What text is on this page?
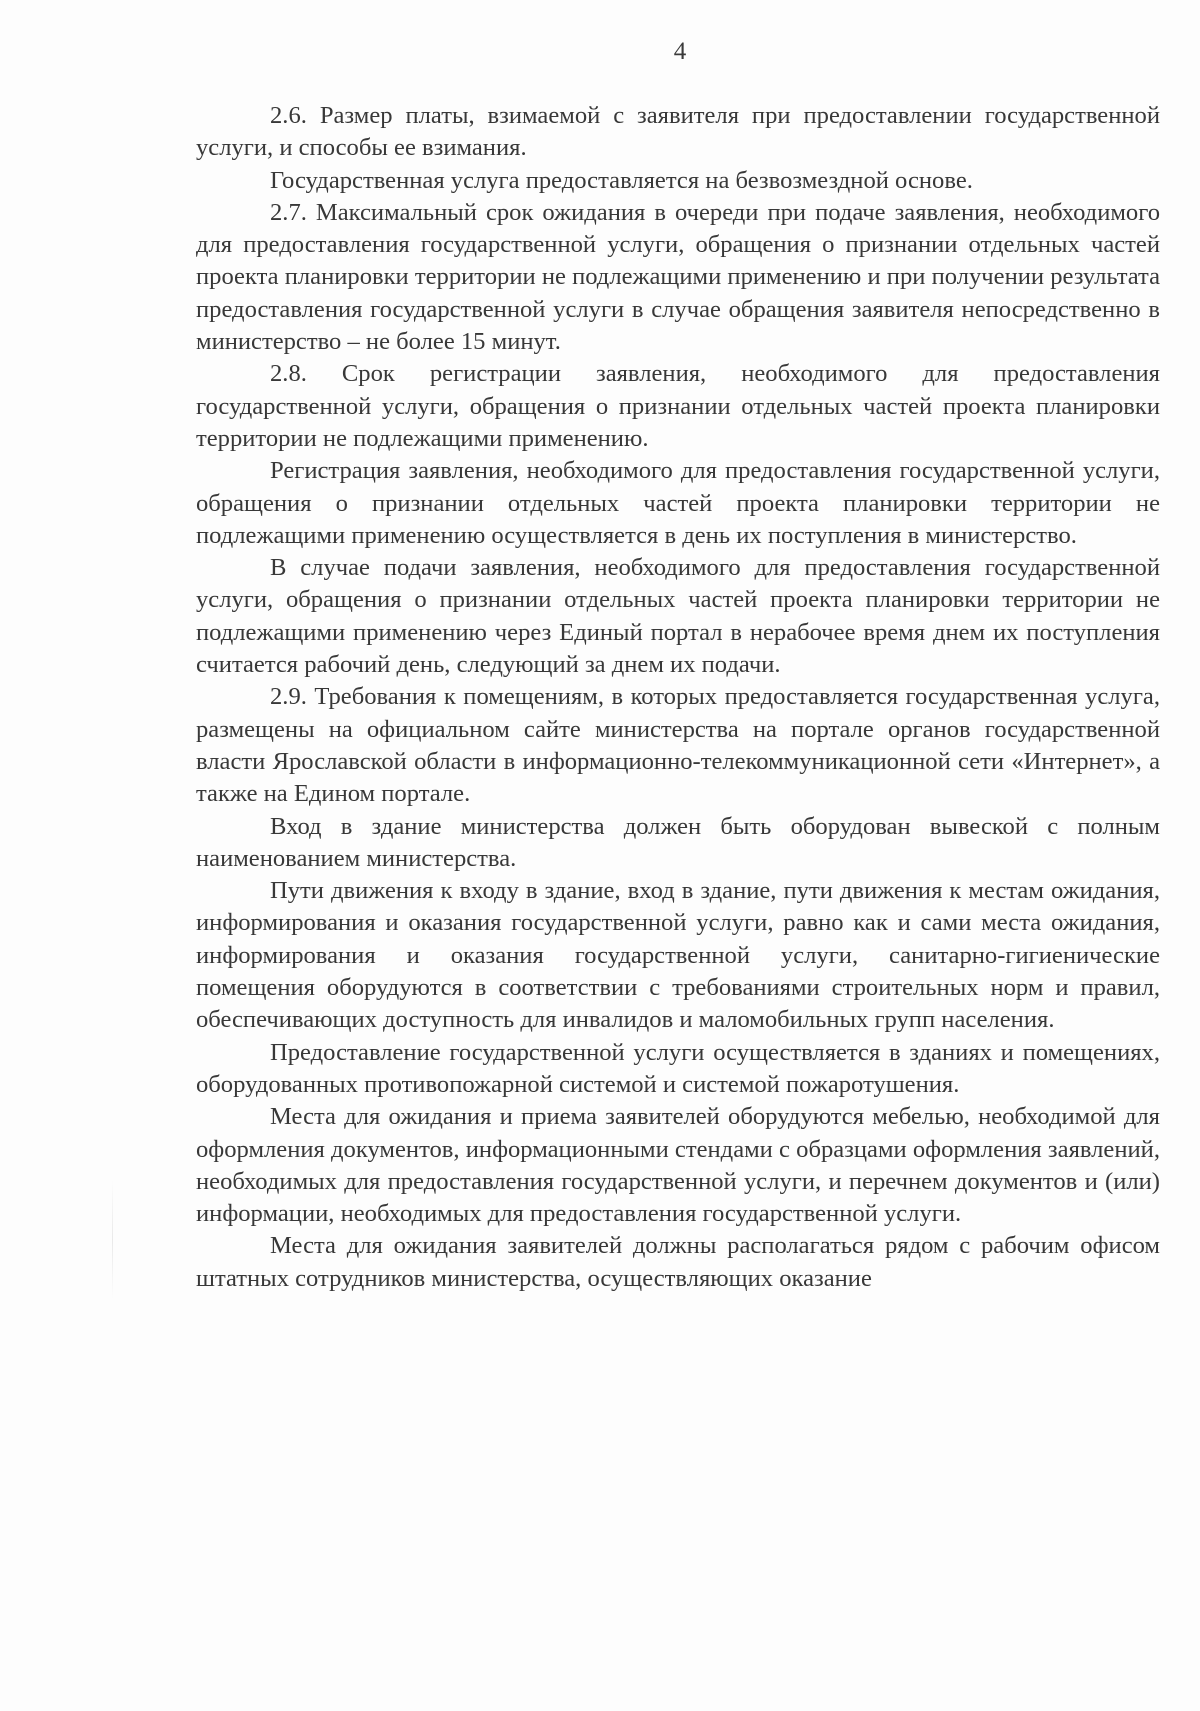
4

2.6. Размер платы, взимаемой с заявителя при предоставлении государственной услуги, и способы ее взимания.

Государственная услуга предоставляется на безвозмездной основе.

2.7. Максимальный срок ожидания в очереди при подаче заявления, необходимого для предоставления государственной услуги, обращения о признании отдельных частей проекта планировки территории не подлежащими применению и при получении результата предоставления государственной услуги в случае обращения заявителя непосредственно в министерство – не более 15 минут.

2.8. Срок регистрации заявления, необходимого для предоставления государственной услуги, обращения о признании отдельных частей проекта планировки территории не подлежащими применению.

Регистрация заявления, необходимого для предоставления государственной услуги, обращения о признании отдельных частей проекта планировки территории не подлежащими применению осуществляется в день их поступления в министерство.

В случае подачи заявления, необходимого для предоставления государственной услуги, обращения о признании отдельных частей проекта планировки территории не подлежащими применению через Единый портал в нерабочее время днем их поступления считается рабочий день, следующий за днем их подачи.

2.9. Требования к помещениям, в которых предоставляется государственная услуга, размещены на официальном сайте министерства на портале органов государственной власти Ярославской области в информационно-телекоммуникационной сети «Интернет», а также на Едином портале.

Вход в здание министерства должен быть оборудован вывеской с полным наименованием министерства.

Пути движения к входу в здание, вход в здание, пути движения к местам ожидания, информирования и оказания государственной услуги, равно как и сами места ожидания, информирования и оказания государственной услуги, санитарно-гигиенические помещения оборудуются в соответствии с требованиями строительных норм и правил, обеспечивающих доступность для инвалидов и маломобильных групп населения.

Предоставление государственной услуги осуществляется в зданиях и помещениях, оборудованных противопожарной системой и системой пожаротушения.

Места для ожидания и приема заявителей оборудуются мебелью, необходимой для оформления документов, информационными стендами с образцами оформления заявлений, необходимых для предоставления государственной услуги, и перечнем документов и (или) информации, необходимых для предоставления государственной услуги.

Места для ожидания заявителей должны располагаться рядом с рабочим офисом штатных сотрудников министерства, осуществляющих оказание
